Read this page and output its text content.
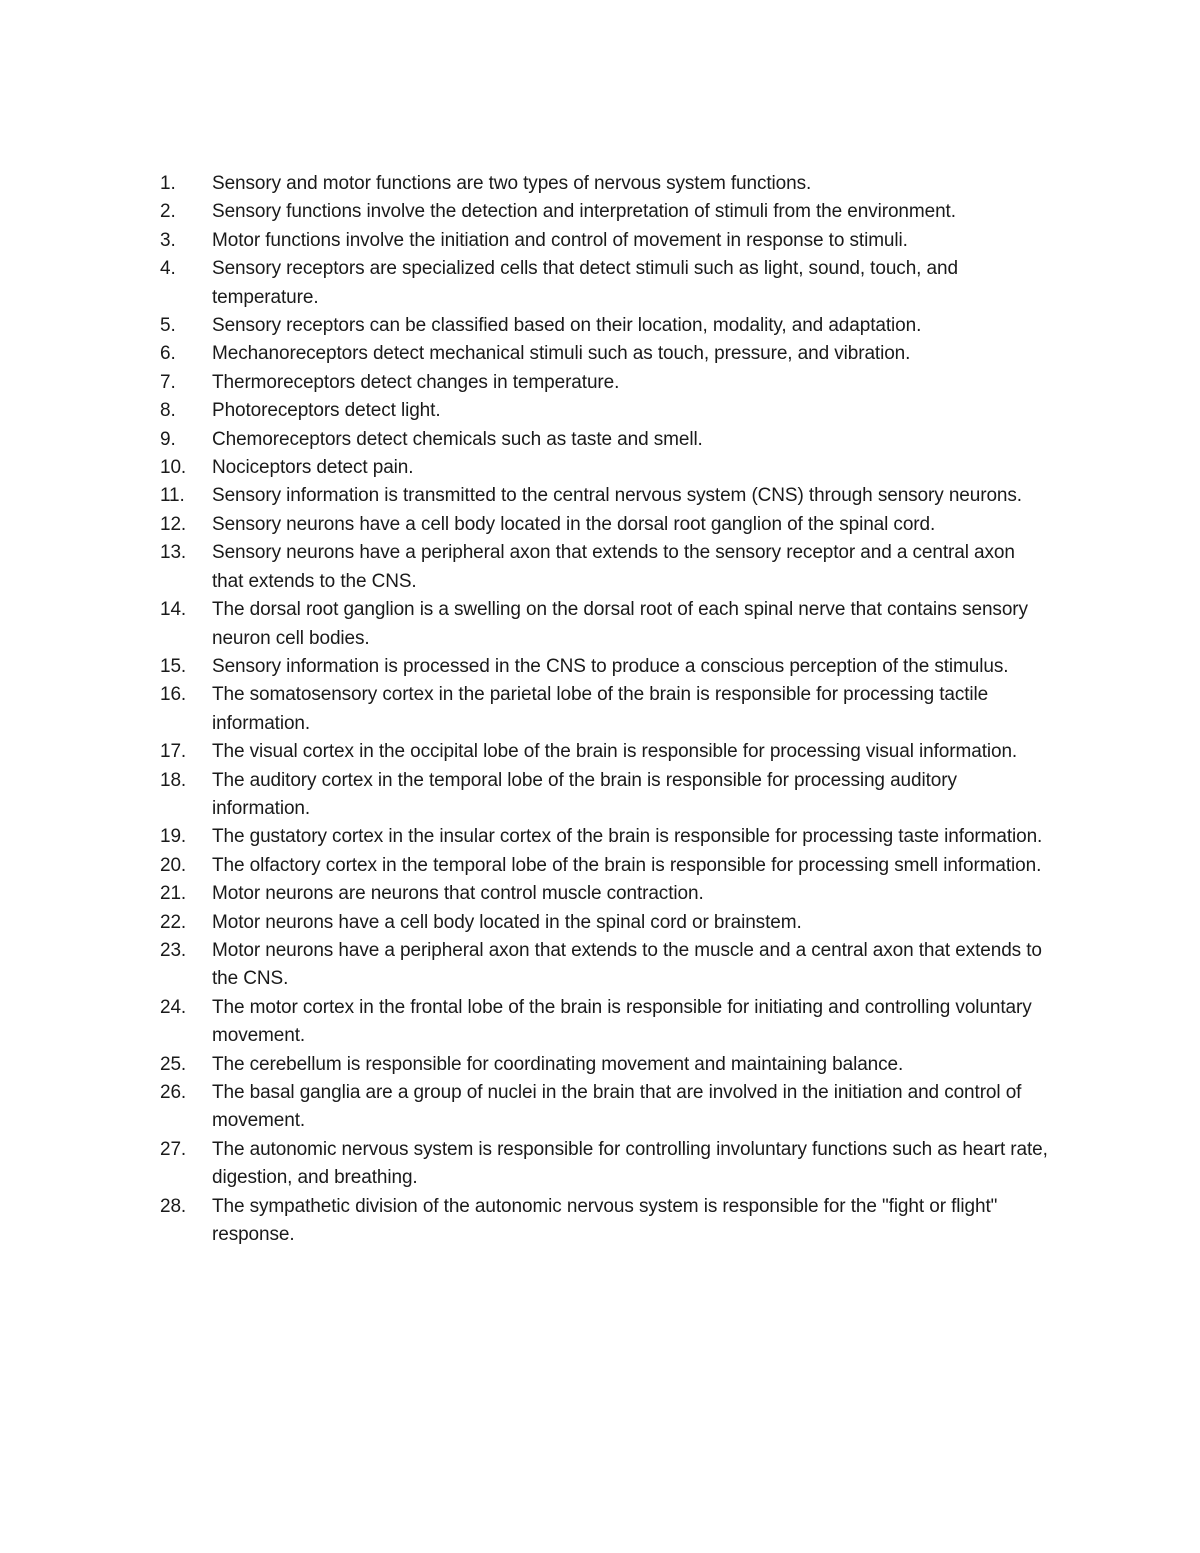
1.	Sensory and motor functions are two types of nervous system functions.
2.	Sensory functions involve the detection and interpretation of stimuli from the environment.
3.	Motor functions involve the initiation and control of movement in response to stimuli.
4.	Sensory receptors are specialized cells that detect stimuli such as light, sound, touch, and temperature.
5.	Sensory receptors can be classified based on their location, modality, and adaptation.
6.	Mechanoreceptors detect mechanical stimuli such as touch, pressure, and vibration.
7.	Thermoreceptors detect changes in temperature.
8.	Photoreceptors detect light.
9.	Chemoreceptors detect chemicals such as taste and smell.
10.	Nociceptors detect pain.
11.	Sensory information is transmitted to the central nervous system (CNS) through sensory neurons.
12.	Sensory neurons have a cell body located in the dorsal root ganglion of the spinal cord.
13.	Sensory neurons have a peripheral axon that extends to the sensory receptor and a central axon that extends to the CNS.
14.	The dorsal root ganglion is a swelling on the dorsal root of each spinal nerve that contains sensory neuron cell bodies.
15.	Sensory information is processed in the CNS to produce a conscious perception of the stimulus.
16.	The somatosensory cortex in the parietal lobe of the brain is responsible for processing tactile information.
17.	The visual cortex in the occipital lobe of the brain is responsible for processing visual information.
18.	The auditory cortex in the temporal lobe of the brain is responsible for processing auditory information.
19.	The gustatory cortex in the insular cortex of the brain is responsible for processing taste information.
20.	The olfactory cortex in the temporal lobe of the brain is responsible for processing smell information.
21.	Motor neurons are neurons that control muscle contraction.
22.	Motor neurons have a cell body located in the spinal cord or brainstem.
23.	Motor neurons have a peripheral axon that extends to the muscle and a central axon that extends to the CNS.
24.	The motor cortex in the frontal lobe of the brain is responsible for initiating and controlling voluntary movement.
25.	The cerebellum is responsible for coordinating movement and maintaining balance.
26.	The basal ganglia are a group of nuclei in the brain that are involved in the initiation and control of movement.
27.	The autonomic nervous system is responsible for controlling involuntary functions such as heart rate, digestion, and breathing.
28.	The sympathetic division of the autonomic nervous system is responsible for the "fight or flight" response.
